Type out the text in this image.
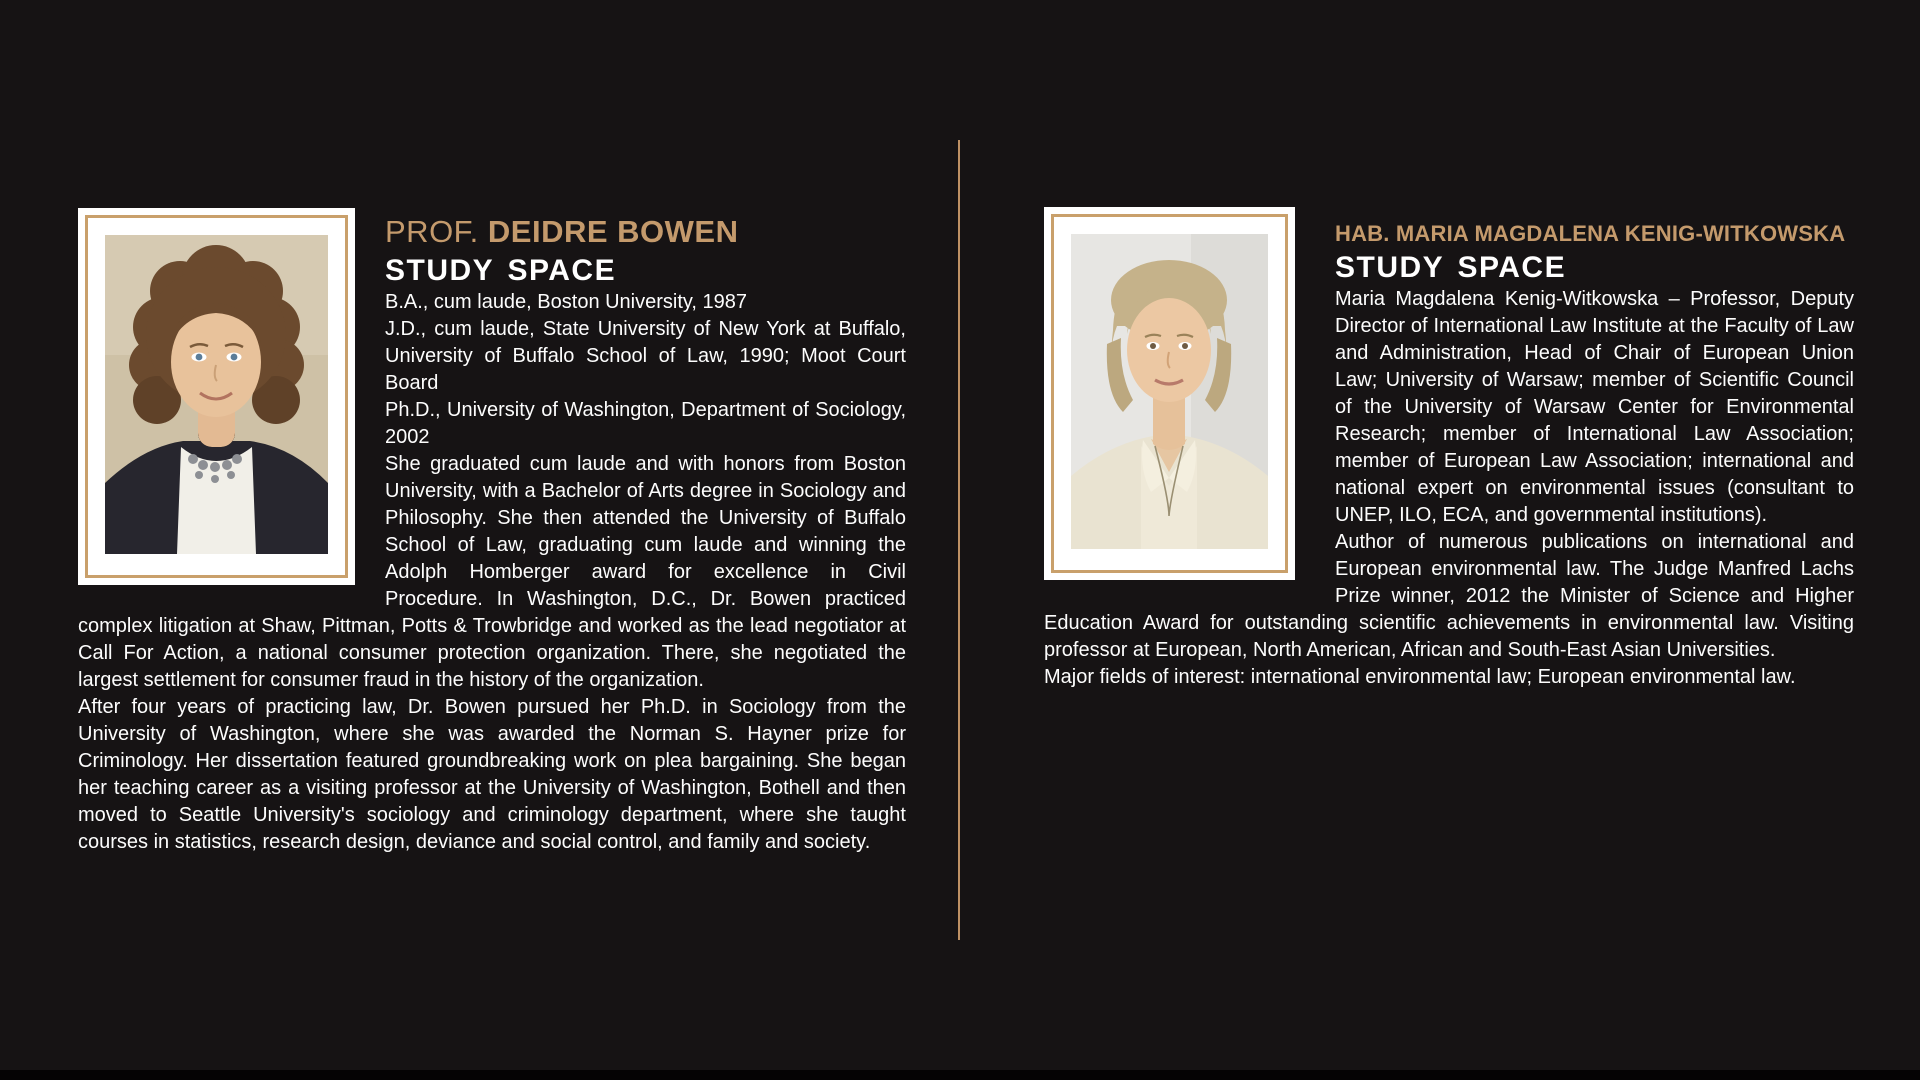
PROF. DEIDRE BOWEN
STUDY SPACE

B.A., cum laude, Boston University, 1987
J.D., cum laude, State University of New York at Buffalo, University of Buffalo School of Law, 1990; Moot Court Board

Ph.D., University of Washington, Department of Sociology, 2002

She graduated cum laude and with honors from Boston University, with a Bachelor of Arts degree in Sociology and Philosophy. She then attended the University of Buffalo School of Law, graduating cum laude and winning the Adolph Homberger award for excellence in Civil Procedure. In Washington, D.C., Dr. Bowen practiced complex litigation at Shaw, Pittman, Potts & Trowbridge and worked as the lead negotiator at Call For Action, a national consumer protection organization. There, she negotiated the largest settlement for consumer fraud in the history of the organization.

After four years of practicing law, Dr. Bowen pursued her Ph.D. in Sociology from the University of Washington, where she was awarded the Norman S. Hayner prize for Criminology. Her dissertation featured groundbreaking work on plea bargaining. She began her teaching career as a visiting professor at the University of Washington, Bothell and then moved to Seattle University's sociology and criminology department, where she taught courses in statistics, research design, deviance and social control, and family and society.

HAB. MARIA MAGDALENA KENIG-WITKOWSKA
STUDY SPACE

Maria Magdalena Kenig-Witkowska – Professor, Deputy Director of International Law Institute at the Faculty of Law and Administration, Head of Chair of European Union Law; University of Warsaw; member of Scientific Council of the University of Warsaw Center for Environmental Research; member of International Law Association; member of European Law Association; international and national expert on environmental issues (consultant to UNEP, ILO, ECA, and governmental institutions).

Author of numerous publications on international and European environmental law. The Judge Manfred Lachs Prize winner, 2012 the Minister of Science and Higher Education Award for outstanding scientific achievements in environmental law. Visiting professor at European, North American, African and South-East Asian Universities.

Major fields of interest: international environmental law; European environmental law.
